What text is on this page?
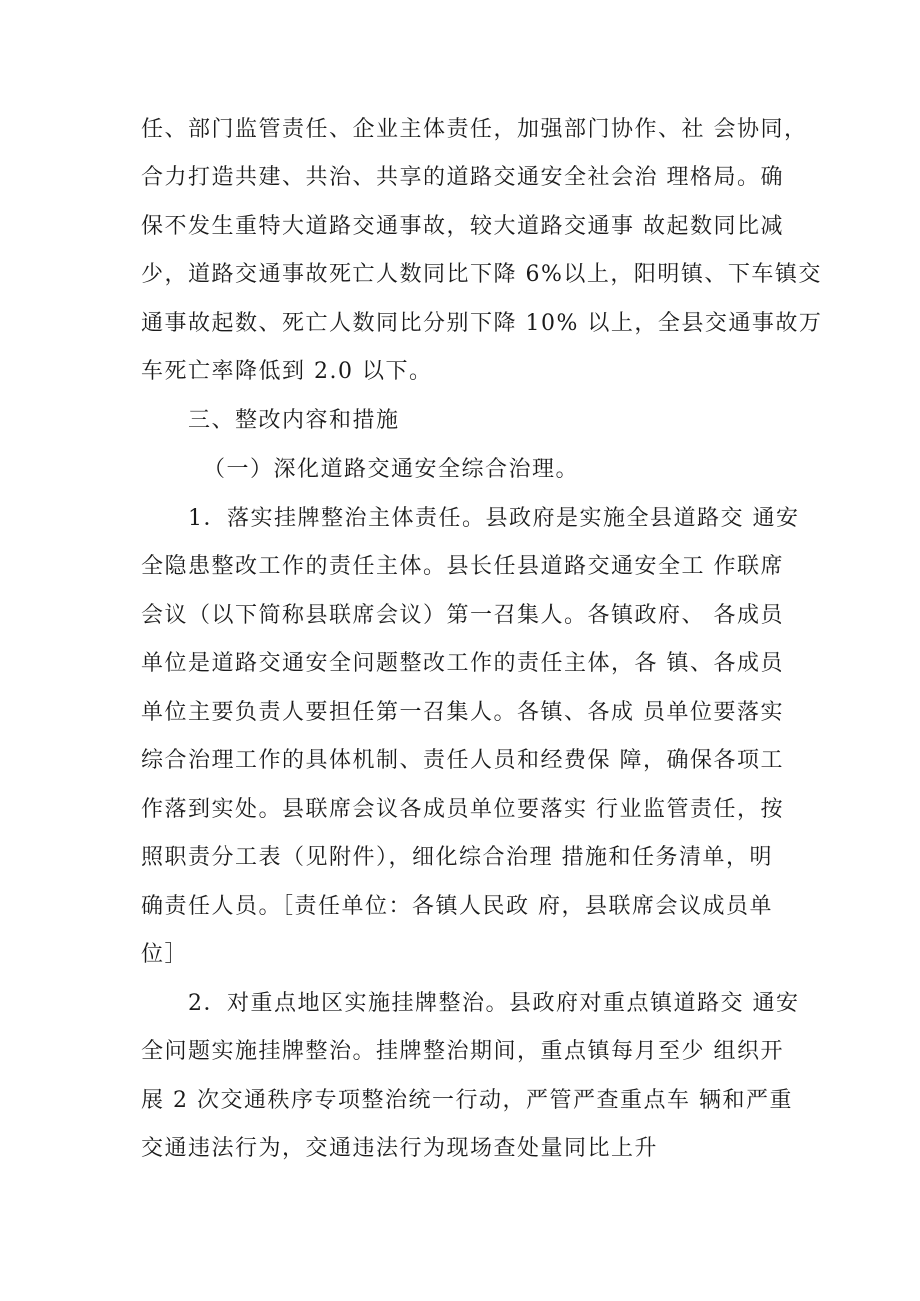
任、部门监管责任、企业主体责任，加强部门协作、社 会协同，
合力打造共建、共治、共享的道路交通安全社会治 理格局。确
保不发生重特大道路交通事故，较大道路交通事 故起数同比减
少，道路交通事故死亡人数同比下降 6%以上，阳明镇、下车镇交
通事故起数、死亡人数同比分别下降 10% 以上，全县交通事故万
车死亡率降低到 2.0 以下。
三、整改内容和措施
（一）深化道路交通安全综合治理。
1．落实挂牌整治主体责任。县政府是实施全县道路交 通安
全隐患整改工作的责任主体。县长任县道路交通安全工 作联席
会议（以下简称县联席会议）第一召集人。各镇政府、 各成员
单位是道路交通安全问题整改工作的责任主体，各 镇、各成员
单位主要负责人要担任第一召集人。各镇、各成 员单位要落实
综合治理工作的具体机制、责任人员和经费保 障，确保各项工
作落到实处。县联席会议各成员单位要落实 行业监管责任，按
照职责分工表（见附件），细化综合治理 措施和任务清单，明
确责任人员。［责任单位：各镇人民政 府，县联席会议成员单
位］
2．对重点地区实施挂牌整治。县政府对重点镇道路交 通安
全问题实施挂牌整治。挂牌整治期间，重点镇每月至少 组织开
展 2 次交通秩序专项整治统一行动，严管严查重点车 辆和严重
交通违法行为，交通违法行为现场查处量同比上升
